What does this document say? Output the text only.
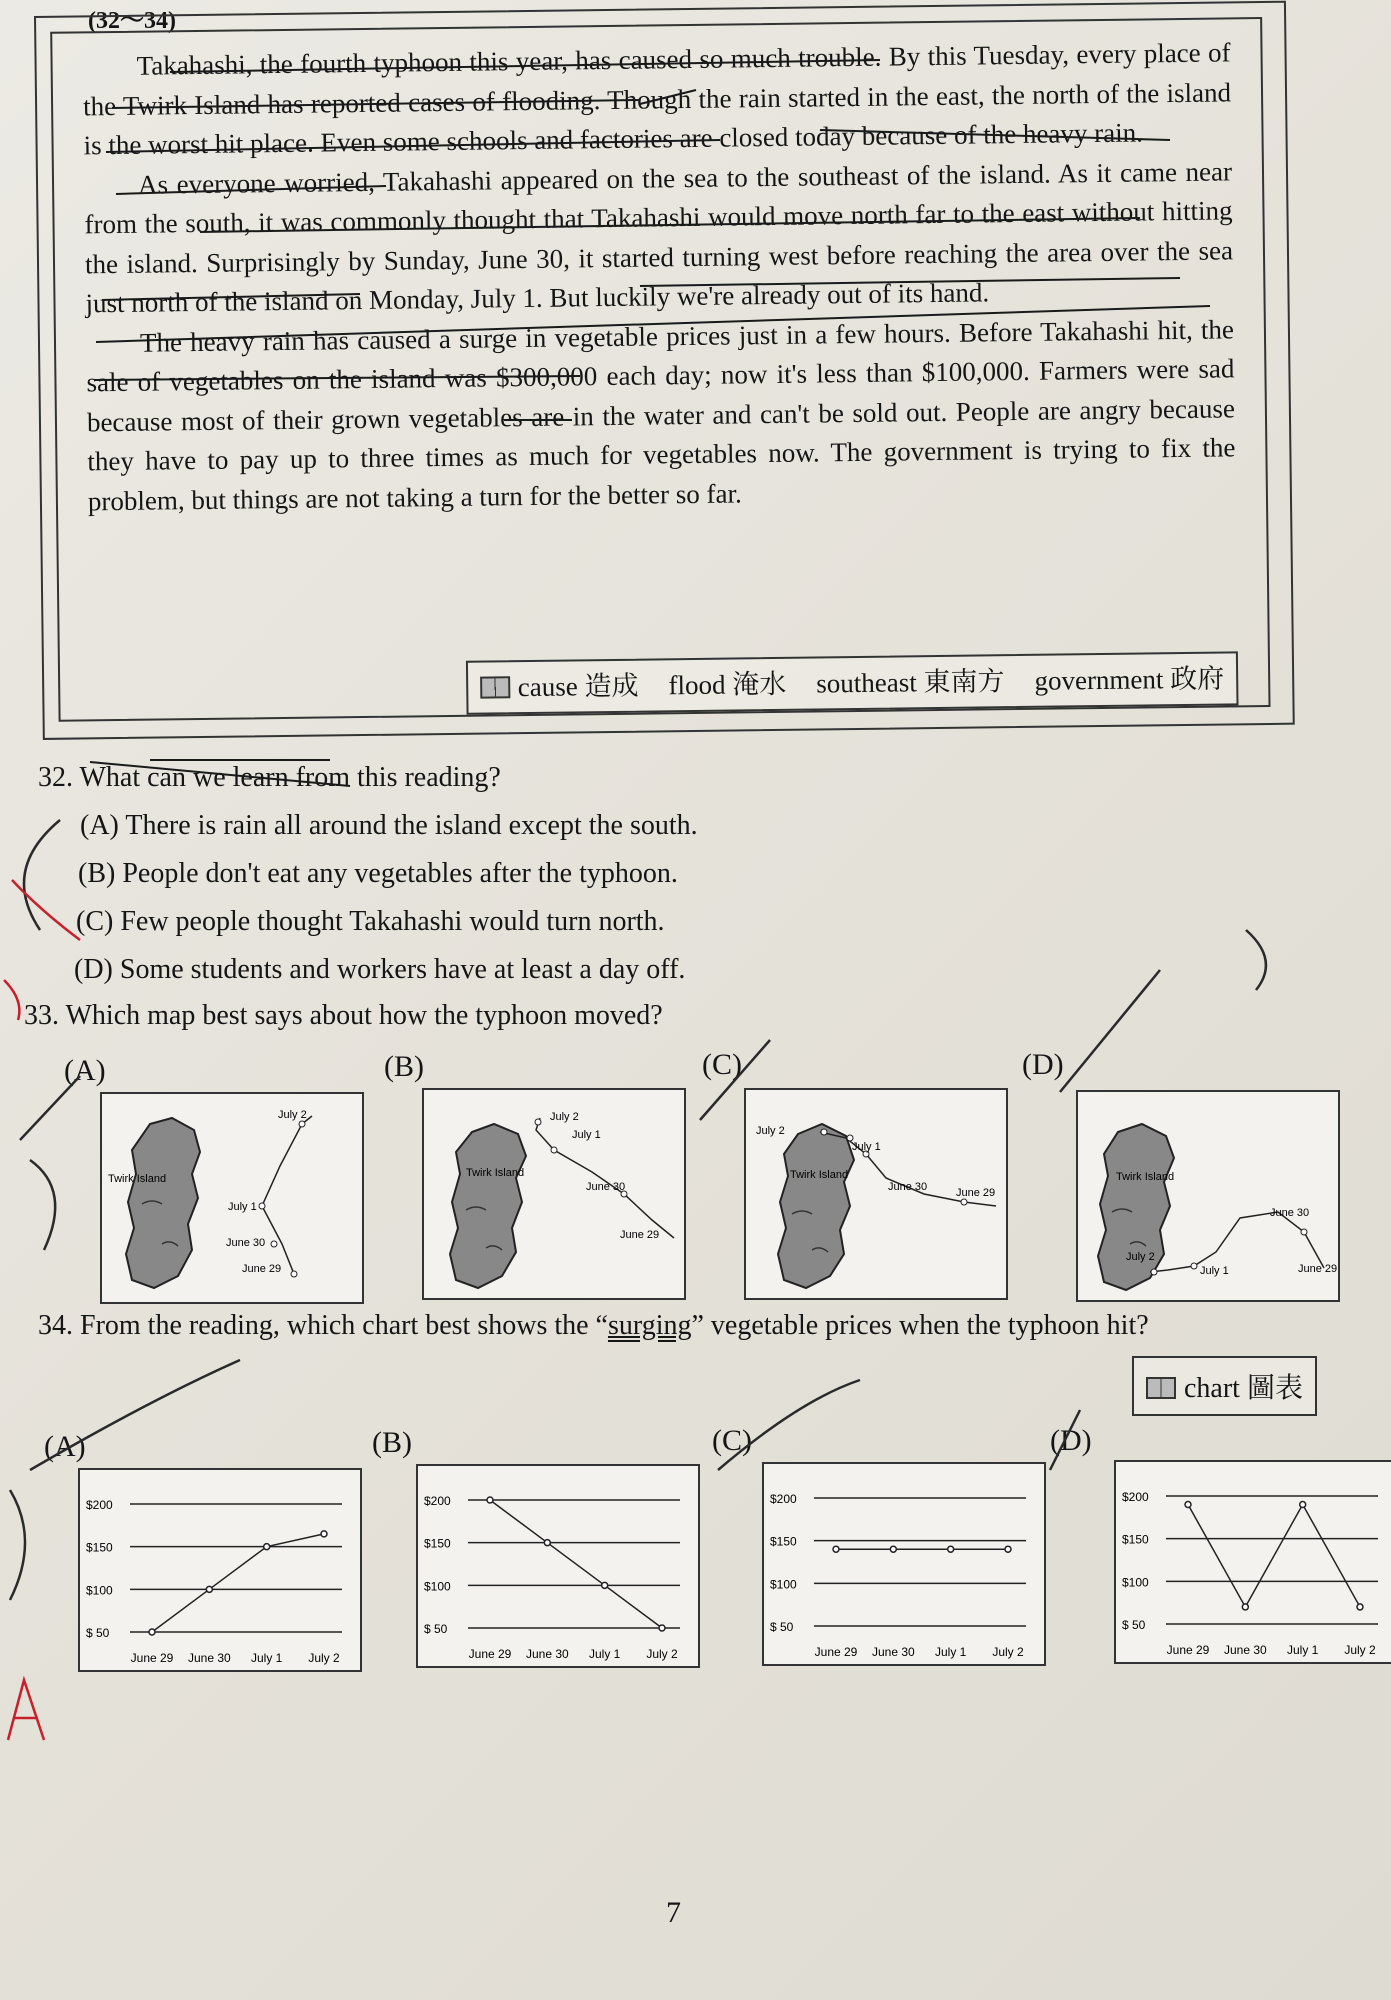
(32～34)

Takahashi, the fourth typhoon this year, has caused so much trouble. By this Tuesday, every place of the Twirk Island has reported cases of flooding. Though the rain started in the east, the north of the island is the worst hit place. Even some schools and factories are closed today because of the heavy rain.

As everyone worried, Takahashi appeared on the sea to the southeast of the island. As it came near from the south, it was commonly thought that Takahashi would move north far to the east without hitting the island. Surprisingly by Sunday, June 30, it started turning west before reaching the area over the sea just north of the island on Monday, July 1. But luckily we're already out of its hand.

The heavy rain has caused a surge in vegetable prices just in a few hours. Before Takahashi hit, the sale of vegetables on the island was $300,000 each day; now it's less than $100,000. Farmers were sad because most of their grown vegetables are in the water and can't be sold out. People are angry because they have to pay up to three times as much for vegetables now. The government is trying to fix the problem, but things are not taking a turn for the better so far.

cause 造成 flood 淹水 southeast 東南方 government 政府
32. What can we learn from this reading?
(A) There is rain all around the island except the south.
(B) People don't eat any vegetables after the typhoon.
(C) Few people thought Takahashi would turn north.
(D) Some students and workers have at least a day off.
33. Which map best says about how the typhoon moved?
(A)	(B)	(C)	(D)
Twirk Island
July 2
July 1
June 30
June 29
Twirk Island
July 2
July 1
June 30
June 29
Twirk Island
July 2
July 1
June 30	June 29
Twirk Island
June 30
June 29
July 1
July 2
34. From the reading, which chart best shows the “surging” vegetable prices when the typhoon hit?
chart 圖表
(A)	(B)	(C)	(D)
$ 50
$100
$150
$200
June 29 June 30 July 1 July 2
$ 50
$100
$150
$200
June 29 June 30 July 1 July 2
$ 50
$100
$150
$200
June 29 June 30 July 1 July 2
$ 50
$100
$150
$200
June 29 June 30 July 1 July 2
7
